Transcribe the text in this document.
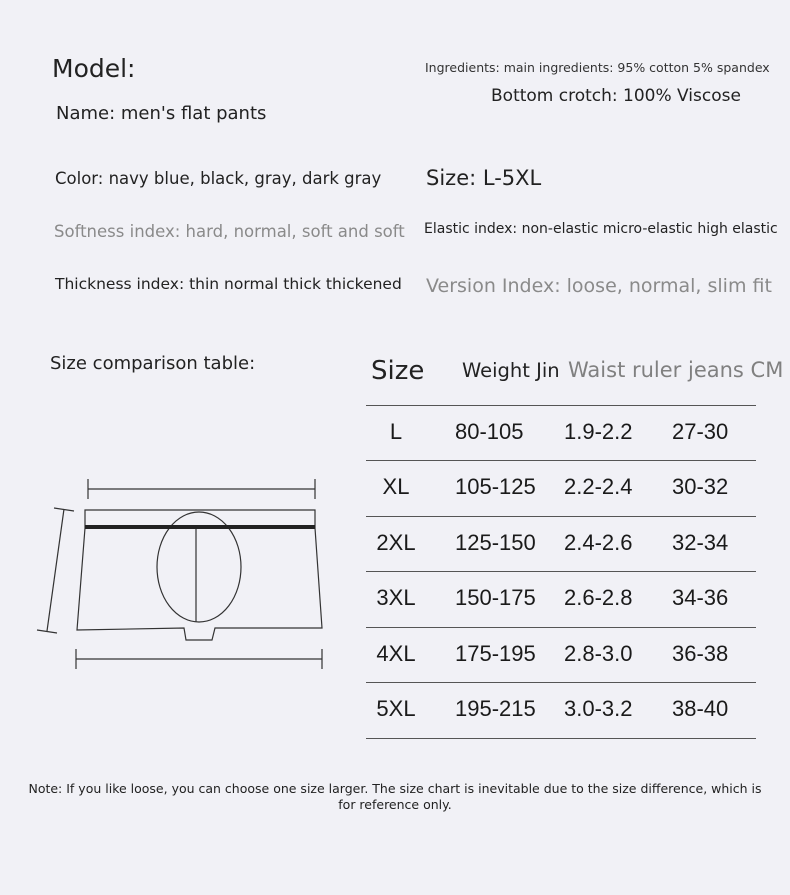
Model:	Ingredients: main ingredients: 95% cotton 5% spandex
Bottom crotch: 100% Viscose
Name: men's flat pants
Color: navy blue, black, gray, dark gray Size: L-5XL
Softness index: hard, normal, soft and soft Elastic index: non-elastic micro-elastic high elastic
Thickness index: thin normal thick thickened Version Index: loose, normal, slim fit
Size comparison table:	Size Weight Jin Waist ruler jeans CM
L	80-105 1.9-2.2 27-30
XL	105-125 2.2-2.4 30-32
2XL	125-150 2.4-2.6 32-34
3XL	150-175 2.6-2.8 34-36
4XL	175-195 2.8-3.0 36-38
5XL	195-215 3.0-3.2 38-40
Note: If you like loose, you can choose one size larger. The size chart is inevitable due to the size difference, which is for reference only.
